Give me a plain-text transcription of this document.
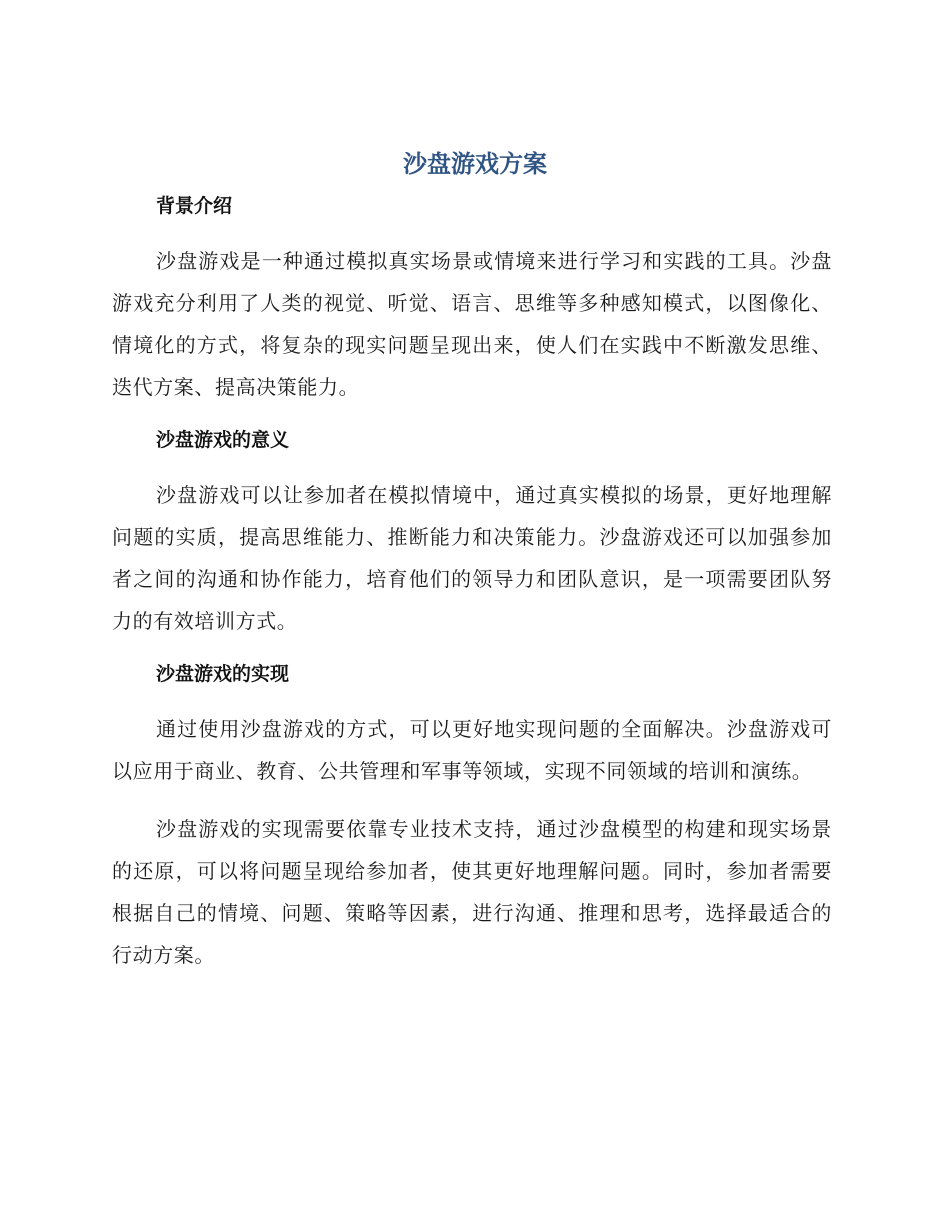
沙盘游戏方案
背景介绍

沙盘游戏是一种通过模拟真实场景或情境来进行学习和实践的工具。沙盘游戏充分利用了人类的视觉、听觉、语言、思维等多种感知模式，以图像化、情境化的方式，将复杂的现实问题呈现出来，使人们在实践中不断激发思维、迭代方案、提高决策能力。

沙盘游戏的意义

沙盘游戏可以让参加者在模拟情境中，通过真实模拟的场景，更好地理解问题的实质，提高思维能力、推断能力和决策能力。沙盘游戏还可以加强参加者之间的沟通和协作能力，培育他们的领导力和团队意识，是一项需要团队努力的有效培训方式。

沙盘游戏的实现

通过使用沙盘游戏的方式，可以更好地实现问题的全面解决。沙盘游戏可以应用于商业、教育、公共管理和军事等领域，实现不同领域的培训和演练。

沙盘游戏的实现需要依靠专业技术支持，通过沙盘模型的构建和现实场景的还原，可以将问题呈现给参加者，使其更好地理解问题。同时，参加者需要根据自己的情境、问题、策略等因素，进行沟通、推理和思考，选择最适合的行动方案。
